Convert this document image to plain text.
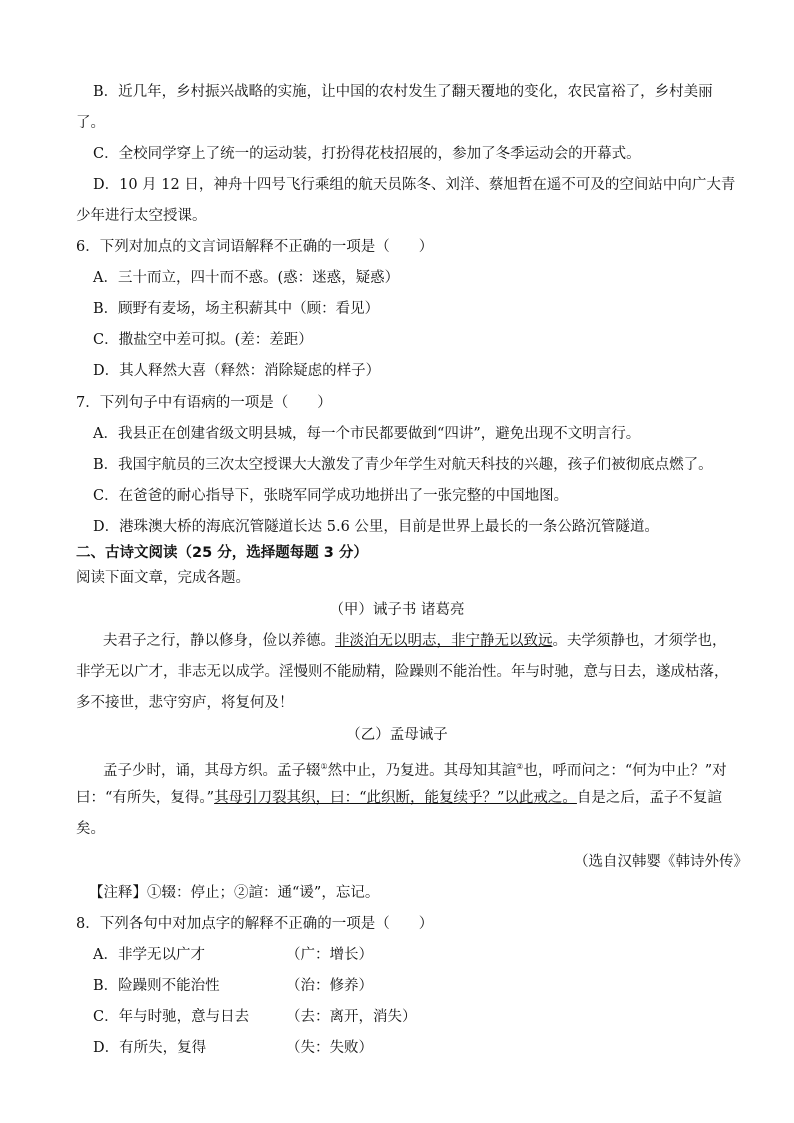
B．近几年，乡村振兴战略的实施，让中国的农村发生了翻天覆地的变化，农民富裕了，乡村美丽
了。
C．全校同学穿上了统一的运动装，打扮得花枝招展的，参加了冬季运动会的开幕式。
D．10 月 12 日，神舟十四号飞行乘组的航天员陈冬、刘洋、蔡旭哲在遥不可及的空间站中向广大青
少年进行太空授课。
6．下列对加点的文言词语解释不正确的一项是（　　）
A．三十而立，四十而不惑。(惑：迷惑，疑惑）
B．顾野有麦场，场主积薪其中（顾：看见）
C．撒盐空中差可拟。(差：差距）
D．其人释然大喜（释然：消除疑虑的样子）
7．下列句子中有语病的一项是（　　）
A．我县正在创建省级文明县城，每一个市民都要做到“四讲”，避免出现不文明言行。
B．我国宇航员的三次太空授课大大激发了青少年学生对航天科技的兴趣，孩子们被彻底点燃了。
C．在爸爸的耐心指导下，张晓军同学成功地拼出了一张完整的中国地图。
D．港珠澳大桥的海底沉管隧道长达 5.6 公里，目前是世界上最长的一条公路沉管隧道。
二、古诗文阅读（25 分，选择题每题 3 分）
阅读下面文章，完成各题。
（甲）诫子书 诸葛亮
夫君子之行，静以修身，俭以养德。非淡泊无以明志，非宁静无以致远。夫学须静也，才须学也，
非学无以广才，非志无以成学。淫慢则不能励精，险躁则不能治性。年与时驰，意与日去，遂成枯落，
多不接世，悲守穷庐，将复何及！
（乙）孟母诫子
孟子少时，诵，其母方织。孟子辍①然中止，乃复进。其母知其諠②也，呼而问之：“何为中止？”对
曰：“有所失，复得。”其母引刀裂其织，曰：“此织断，能复续乎？”以此戒之。自是之后，孟子不复諠
矣。
（选自汉韩婴《韩诗外传》
【注释】①辍：停止；②諠：通“谖”，忘记。
8．下列各句中对加点字的解释不正确的一项是（　　）
A．非学无以广才	（广：增长）
B．险躁则不能治性	（治：修养）
C．年与时驰，意与日去	（去：离开，消失）
D．有所失，复得	（失：失败）
